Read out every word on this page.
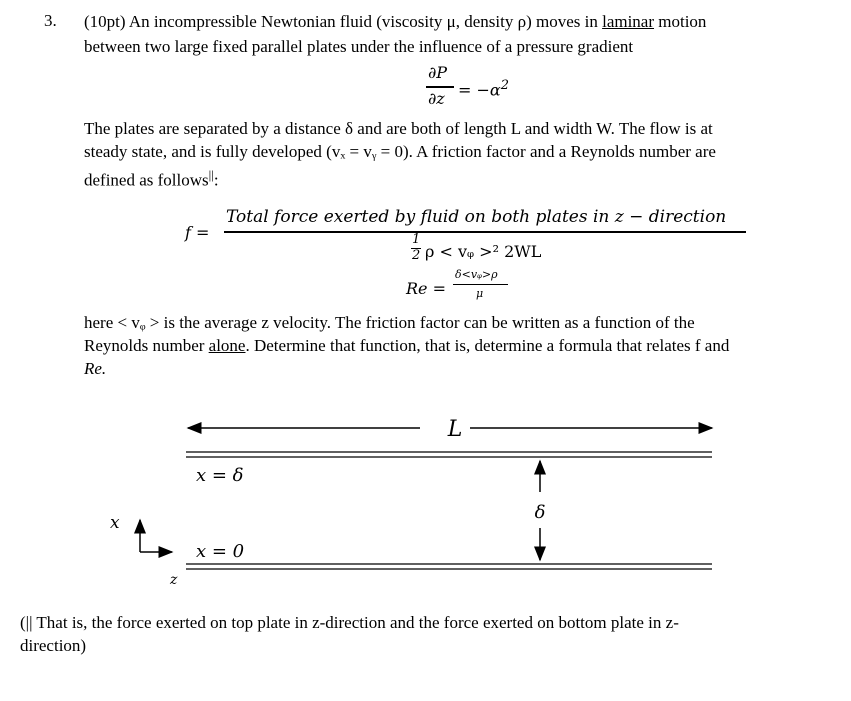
3. (10pt) An incompressible Newtonian fluid (viscosity μ, density ρ) moves in laminar motion
between two large fixed parallel plates under the influence of a pressure gradient
∂P
$\partial z = -\alpha^2$
The plates are separated by a distance δ and are both of length L and width W. The flow is at
steady state, and is fully developed (vₓ = vᵧ = 0). A friction factor and a Reynolds number are
defined as follows||:
f =
Total force exerted by fluid on both plates in z − direction
1
2 ρ < vᵩ >² 2WL
Re =
δ<vᵩ>ρ
μ
here < vᵩ > is the average z velocity. The friction factor can be written as a function of the
Reynolds number alone. Determine that function, that is, determine a formula that relates f and
Re.
L
x = δ
x = 0
δ
x
z
(|| That is, the force exerted on top plate in z-direction and the force exerted on bottom plate in z-
direction)
